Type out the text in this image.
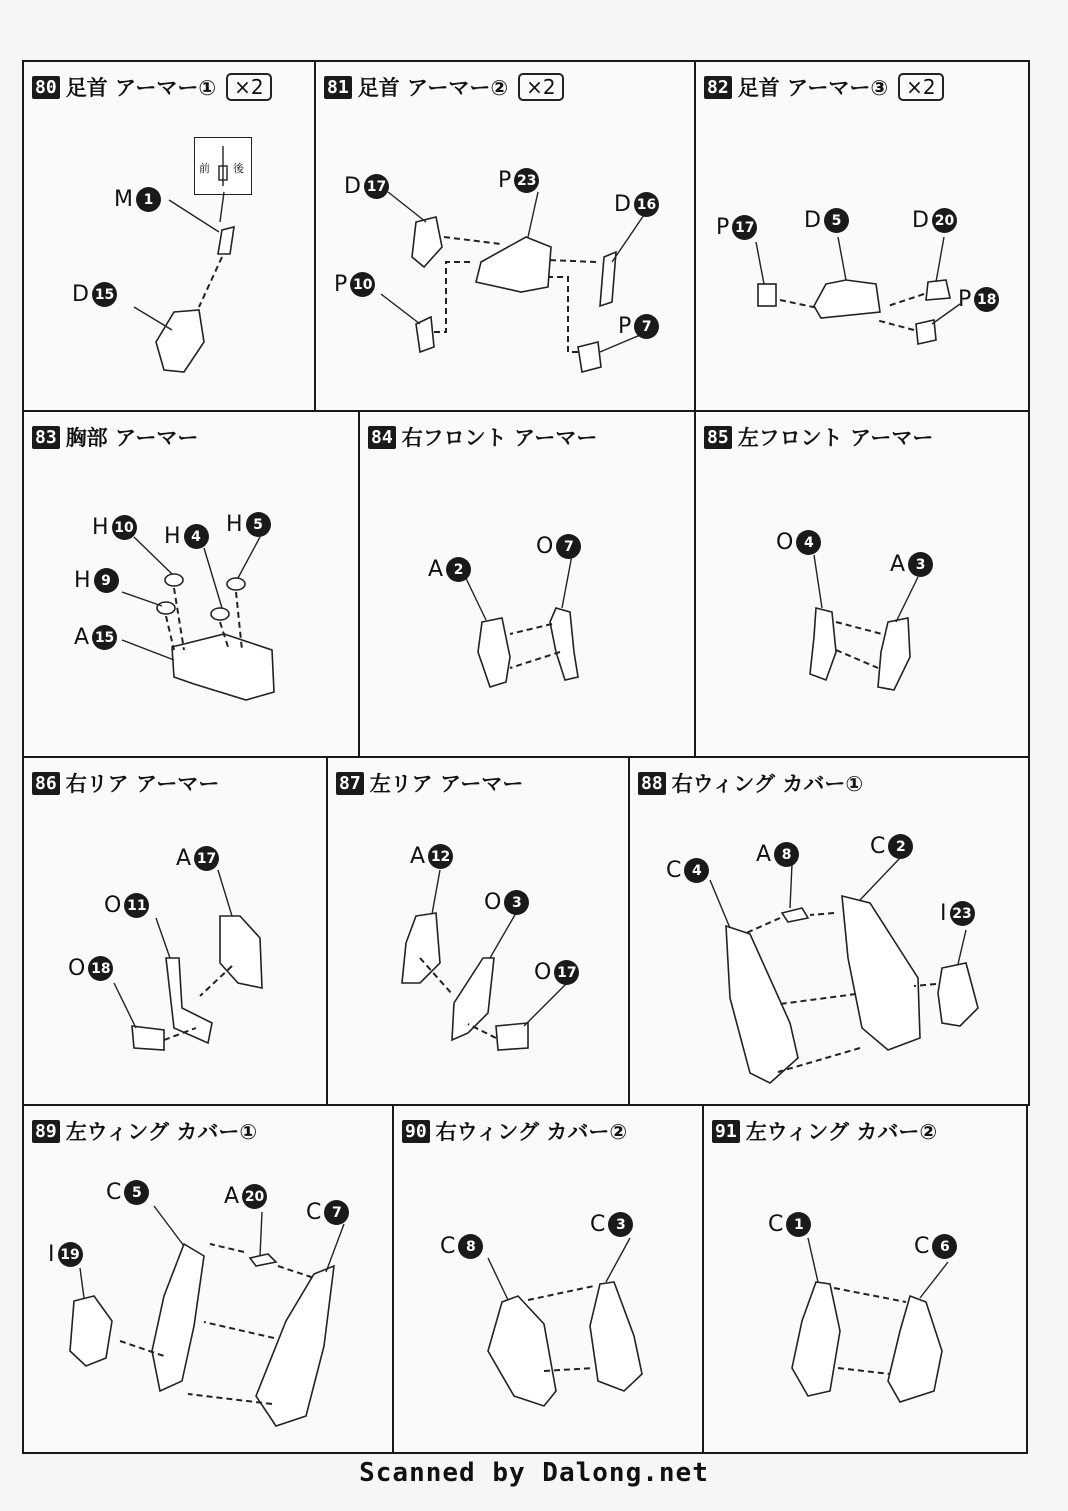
80 足首 アーマー① ×2
前 後
M 1
D 15
81 足首 アーマー② ×2
D 17	P 23
D 16
P 10
P 7
82 足首 アーマー③ ×2
P 17 D 5	D 20
P 18
83 胸部 アーマー
H 10 H 4	H 5
H 9
A 15
84 右フロント アーマー
A 2
O 7
85 左フロント アーマー
O 4
A 3
86 右リア アーマー
A 17
O 11
O 18
87 左リア アーマー
A 12
O 3
O 17
88 右ウィング カバー①
C 4
A 8	C 2
I 23
89 左ウィング カバー①
C 5	A 20
C 7
I 19
90 右ウィング カバー②
C 3
C 8
91 左ウィング カバー②
C 1
C 6
Scanned by Dalong.net
